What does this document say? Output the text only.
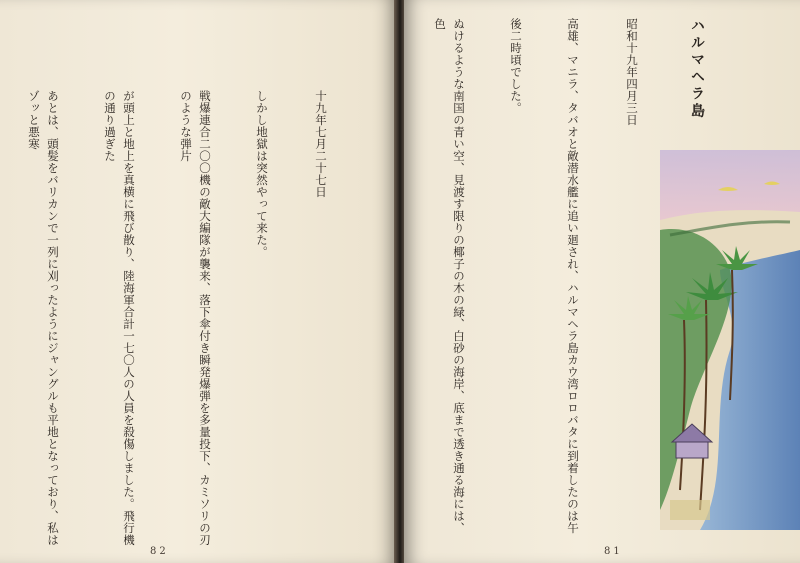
十九年七月二十七日

しかし地獄は突然やって来た。

戦爆連合二〇〇機の敵大編隊が襲来、落下傘付き瞬発爆弾を多量投下、カミソリの刃のような弾片

が頭上と地上を真横に飛び散り、陸海軍合計一七〇人の人員を殺傷しました。飛行機の通り過ぎた

あとは、頭髪をバリカンで一列に刈ったようにジャングルも平地となっており、私はゾッと悪寒

82

ハルマヘラ島

昭和十九年四月三日

高雄、マニラ、タバオと敵潜水艦に追い廻され、ハルマヘラ島カウ湾ロロバタに到着したのは午

後二時頃でした。

ぬけるような南国の青い空、見渡す限りの椰子の木の緑、白砂の海岸、底まで透き通る海には、色

81
